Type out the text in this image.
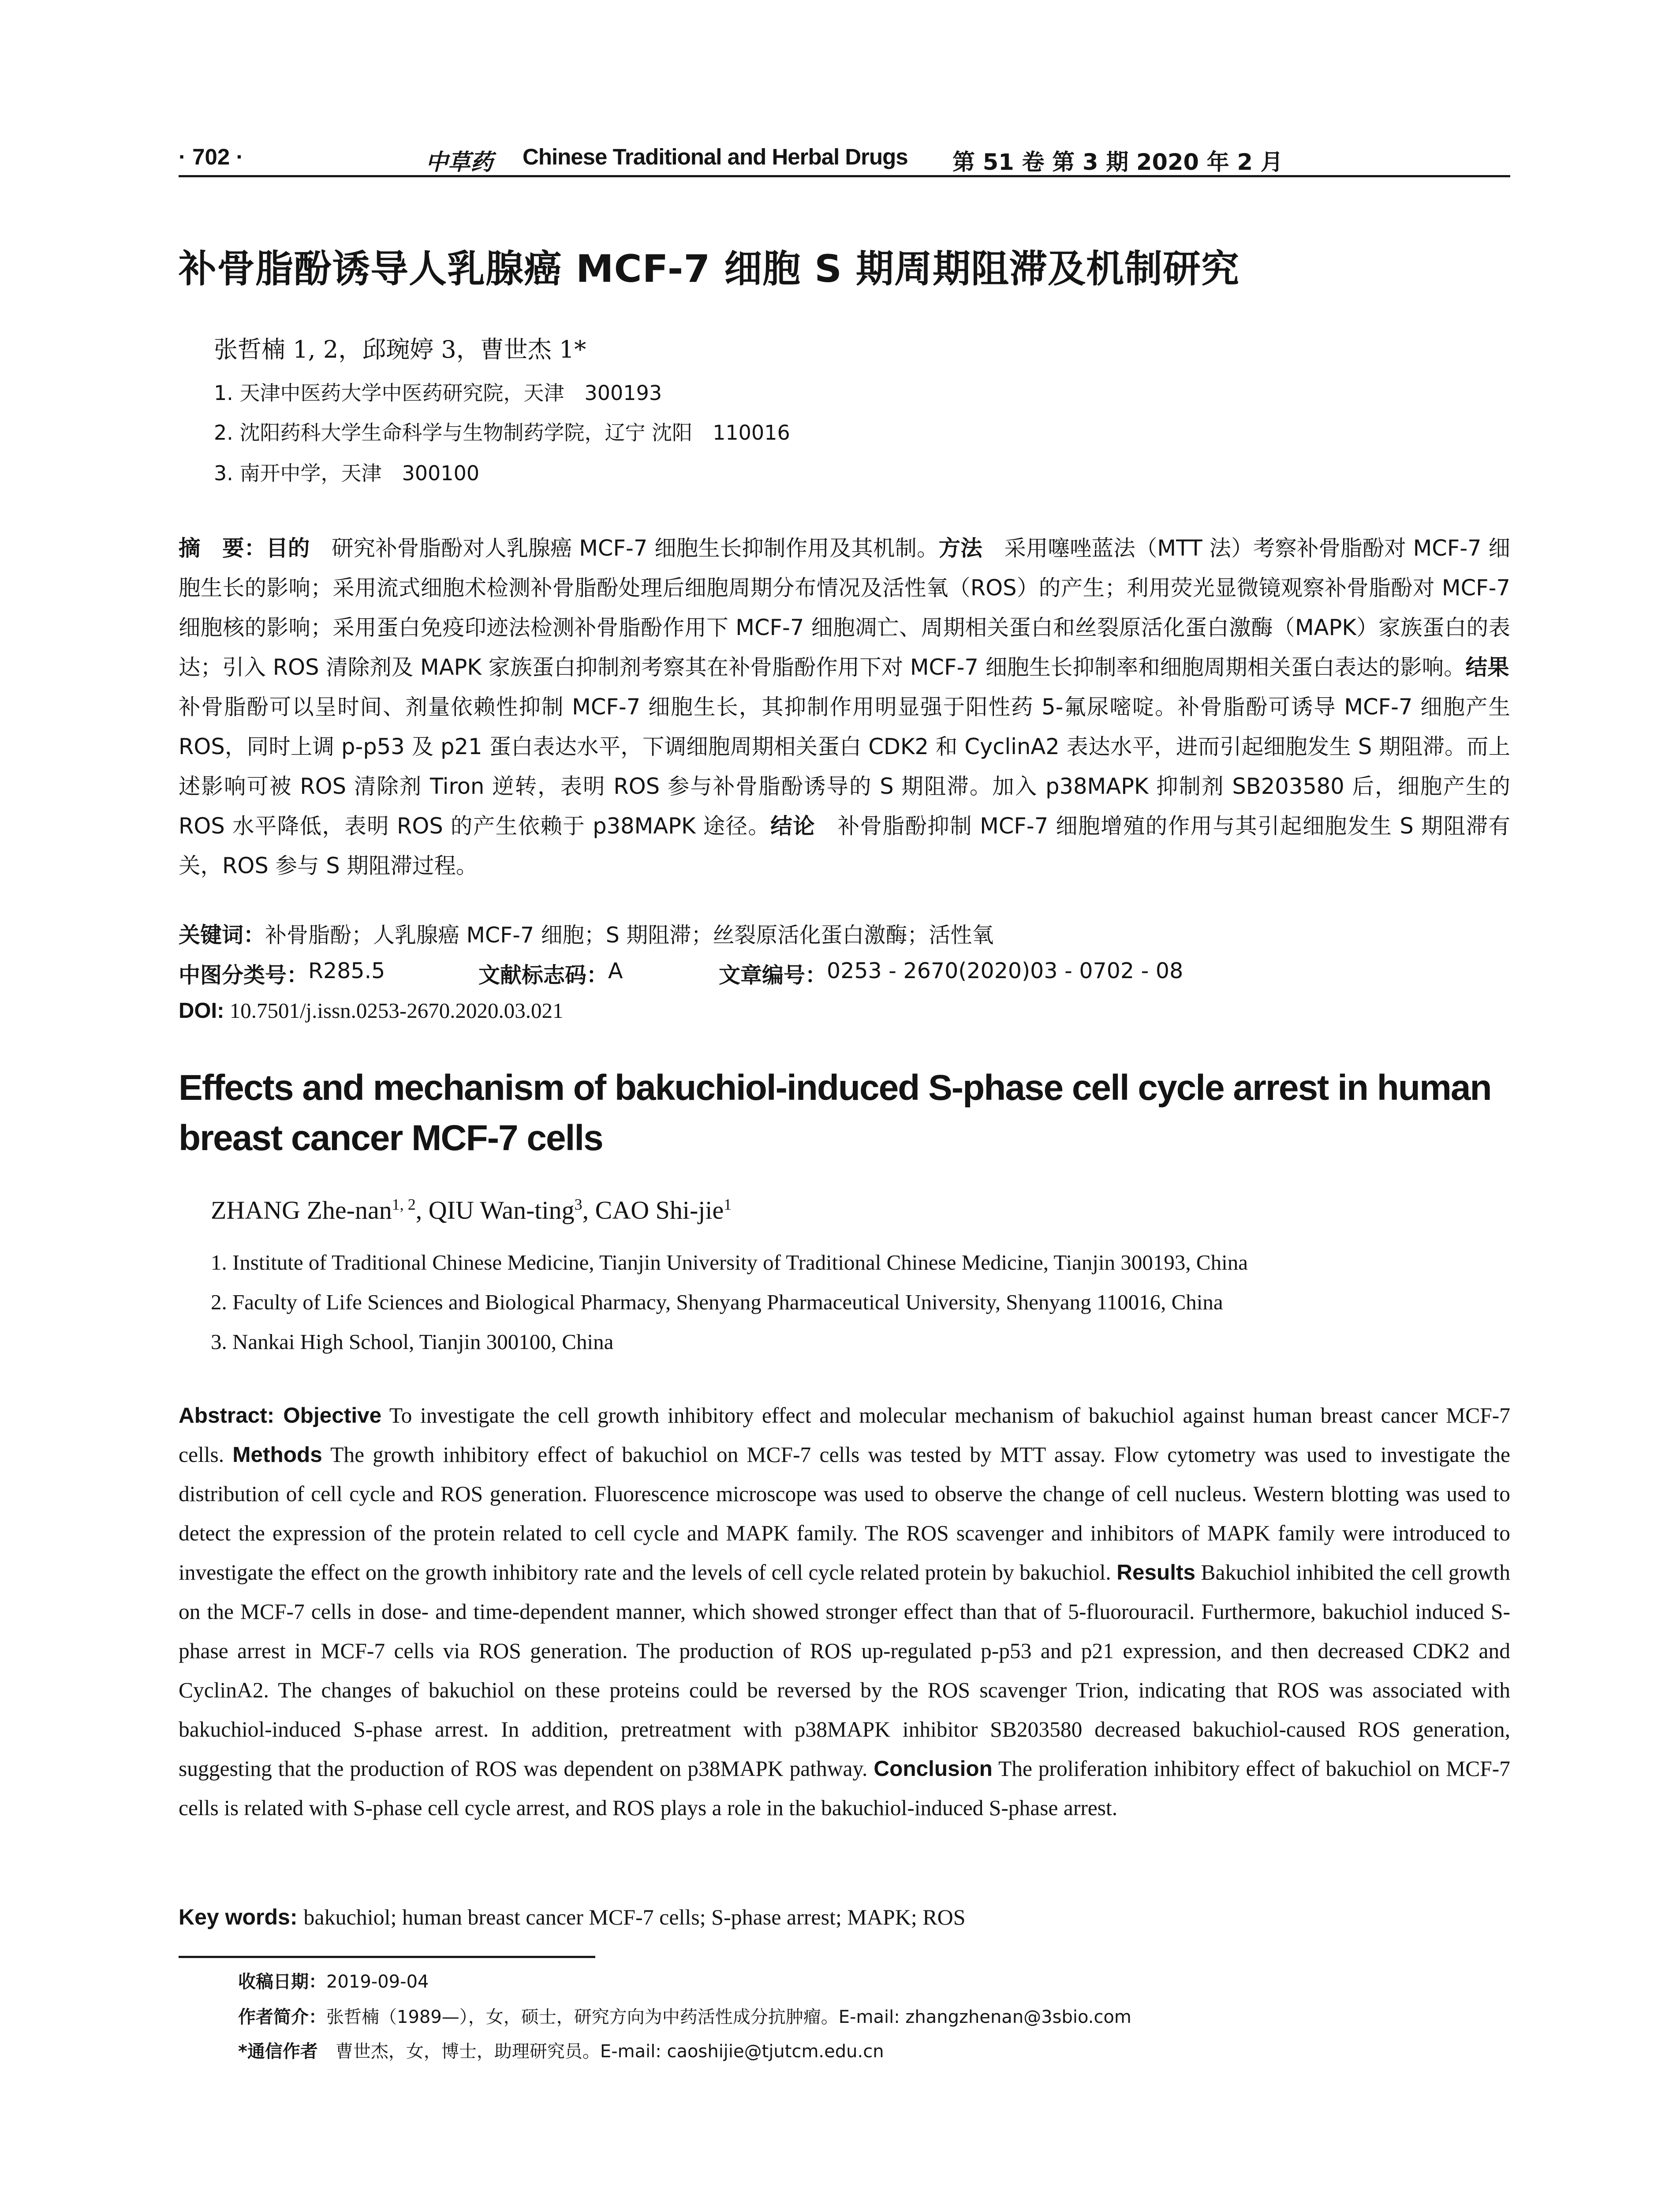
· 702 ·	中草药 Chinese Traditional and Herbal Drugs 第 51 卷 第 3 期 2020 年 2 月
补骨脂酚诱导人乳腺癌 MCF-7 细胞 S 期周期阻滞及机制研究
张哲楠 1, 2，邱琬婷 3，曹世杰 1*
1. 天津中医药大学中医药研究院，天津　300193
2. 沈阳药科大学生命科学与生物制药学院，辽宁 沈阳　110016
3. 南开中学，天津　300100

摘　要：目的　研究补骨脂酚对人乳腺癌 MCF-7 细胞生长抑制作用及其机制。方法　采用噻唑蓝法（MTT 法）考察补骨脂酚对 MCF-7 细胞生长的影响；采用流式细胞术检测补骨脂酚处理后细胞周期分布情况及活性氧（ROS）的产生；利用荧光显微镜观察补骨脂酚对 MCF-7 细胞核的影响；采用蛋白免疫印迹法检测补骨脂酚作用下 MCF-7 细胞凋亡、周期相关蛋白和丝裂原活化蛋白激酶（MAPK）家族蛋白的表达；引入 ROS 清除剂及 MAPK 家族蛋白抑制剂考察其在补骨脂酚作用下对 MCF-7 细胞生长抑制率和细胞周期相关蛋白表达的影响。结果　补骨脂酚可以呈时间、剂量依赖性抑制 MCF-7 细胞生长，其抑制作用明显强于阳性药 5-氟尿嘧啶。补骨脂酚可诱导 MCF-7 细胞产生 ROS，同时上调 p-p53 及 p21 蛋白表达水平，下调细胞周期相关蛋白 CDK2 和 CyclinA2 表达水平，进而引起细胞发生 S 期阻滞。而上述影响可被 ROS 清除剂 Tiron 逆转，表明 ROS 参与补骨脂酚诱导的 S 期阻滞。加入 p38MAPK 抑制剂 SB203580 后，细胞产生的 ROS 水平降低，表明 ROS 的产生依赖于 p38MAPK 途径。结论　补骨脂酚抑制 MCF-7 细胞增殖的作用与其引起细胞发生 S 期阻滞有关，ROS 参与 S 期阻滞过程。

关键词：补骨脂酚；人乳腺癌 MCF-7 细胞；S 期阻滞；丝裂原活化蛋白激酶；活性氧
中图分类号： R285.5	文献标志码： A	文章编号： 0253 - 2670(2020)03 - 0702 - 08
DOI: 10.7501/j.issn.0253-2670.2020.03.021
Effects and mechanism of bakuchiol-induced S-phase cell cycle arrest in human breast cancer MCF-7 cells
ZHANG Zhe-nan$^{1, 2}$, QIU Wan-ting$^3$, CAO Shi-jie$^1$
1. Institute of Traditional Chinese Medicine, Tianjin University of Traditional Chinese Medicine, Tianjin 300193, China
2. Faculty of Life Sciences and Biological Pharmacy, Shenyang Pharmaceutical University, Shenyang 110016, China
3. Nankai High School, Tianjin 300100, China

Abstract: Objective To investigate the cell growth inhibitory effect and molecular mechanism of bakuchiol against human breast cancer MCF-7 cells. Methods The growth inhibitory effect of bakuchiol on MCF-7 cells was tested by MTT assay. Flow cytometry was used to investigate the distribution of cell cycle and ROS generation. Fluorescence microscope was used to observe the change of cell nucleus. Western blotting was used to detect the expression of the protein related to cell cycle and MAPK family. The ROS scavenger and inhibitors of MAPK family were introduced to investigate the effect on the growth inhibitory rate and the levels of cell cycle related protein by bakuchiol. Results Bakuchiol inhibited the cell growth on the MCF-7 cells in dose- and time-dependent manner, which showed stronger effect than that of 5-fluorouracil. Furthermore, bakuchiol induced S-phase arrest in MCF-7 cells via ROS generation. The production of ROS up-regulated p-p53 and p21 expression, and then decreased CDK2 and CyclinA2. The changes of bakuchiol on these proteins could be reversed by the ROS scavenger Trion, indicating that ROS was associated with bakuchiol-induced S-phase arrest. In addition, pretreatment with p38MAPK inhibitor SB203580 decreased bakuchiol-caused ROS generation, suggesting that the production of ROS was dependent on p38MAPK pathway. Conclusion The proliferation inhibitory effect of bakuchiol on MCF-7 cells is related with S-phase cell cycle arrest, and ROS plays a role in the bakuchiol-induced S-phase arrest.

Key words: bakuchiol; human breast cancer MCF-7 cells; S-phase arrest; MAPK; ROS
收稿日期：2019-09-04
作者简介：张哲楠（1989—），女，硕士，研究方向为中药活性成分抗肿瘤。E-mail: zhangzhenan@3sbio.com
*通信作者　曹世杰，女，博士，助理研究员。E-mail: caoshijie@tjutcm.edu.cn
